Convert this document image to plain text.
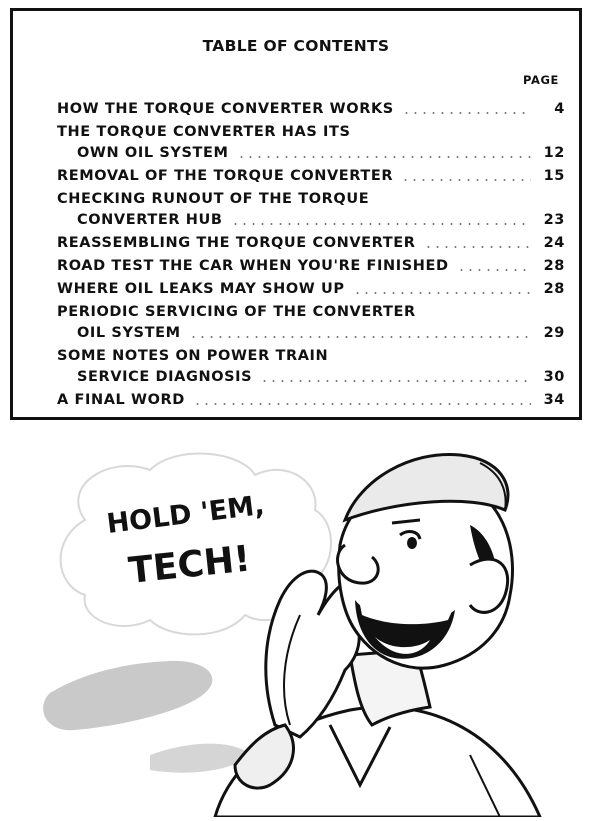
TABLE OF CONTENTS
PAGE
HOW THE TORQUE CONVERTER WORKS	4
THE TORQUE CONVERTER HAS ITS
OWN OIL SYSTEM	12
REMOVAL OF THE TORQUE CONVERTER	15
CHECKING RUNOUT OF THE TORQUE
CONVERTER HUB	23
REASSEMBLING THE TORQUE CONVERTER	24
ROAD TEST THE CAR WHEN YOU'RE FINISHED	28
WHERE OIL LEAKS MAY SHOW UP	28
PERIODIC SERVICING OF THE CONVERTER
OIL SYSTEM	29
SOME NOTES ON POWER TRAIN
SERVICE DIAGNOSIS	30
A FINAL WORD	34
HOLD 'EM,
TECH!
